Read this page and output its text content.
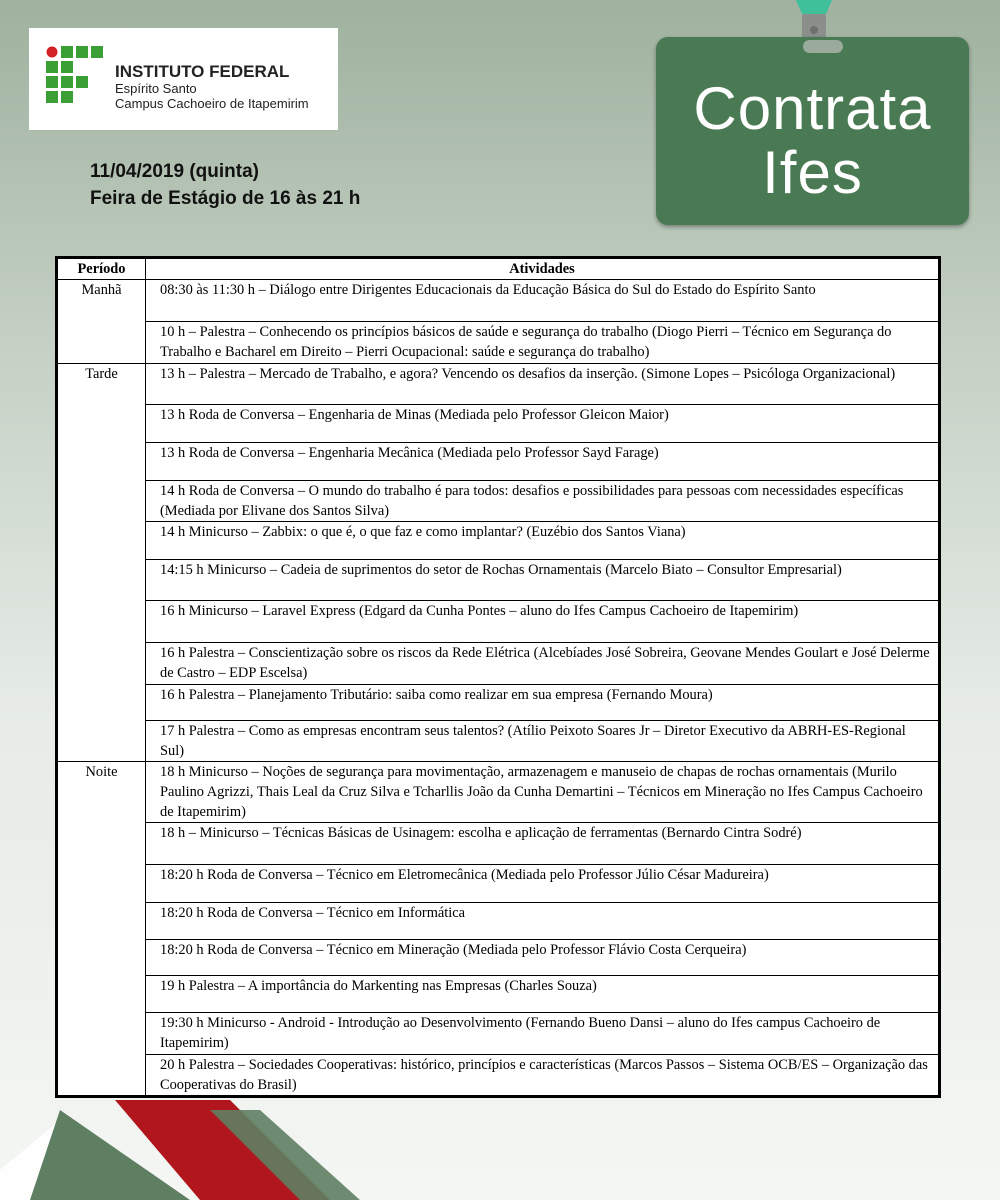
INSTITUTO FEDERAL
Espírito Santo
Campus Cachoeiro de Itapemirim
11/04/2019 (quinta)
Feira de Estágio de 16 às 21 h
Contrata
Ifes
Período	Atividades
Manhã	08:30 às 11:30 h – Diálogo entre Dirigentes Educacionais da Educação Básica do Sul do Estado do Espírito Santo
	10 h – Palestra – Conhecendo os princípios básicos de saúde e segurança do trabalho (Diogo Pierri – Técnico em Segurança do Trabalho e Bacharel em Direito – Pierri Ocupacional: saúde e segurança do trabalho)
Tarde	13 h – Palestra – Mercado de Trabalho, e agora? Vencendo os desafios da inserção. (Simone Lopes – Psicóloga Organizacional)
	13 h Roda de Conversa – Engenharia de Minas (Mediada pelo Professor Gleicon Maior)
	13 h Roda de Conversa – Engenharia Mecânica (Mediada pelo Professor Sayd Farage)
	14 h Roda de Conversa – O mundo do trabalho é para todos: desafios e possibilidades para pessoas com necessidades específicas (Mediada por Elivane dos Santos Silva)
	14 h Minicurso – Zabbix: o que é, o que faz e como implantar? (Euzébio dos Santos Viana)
	14:15 h Minicurso – Cadeia de suprimentos do setor de Rochas Ornamentais (Marcelo Biato – Consultor Empresarial)
	16 h Minicurso – Laravel Express (Edgard da Cunha Pontes – aluno do Ifes Campus Cachoeiro de Itapemirim)
	16 h Palestra – Conscientização sobre os riscos da Rede Elétrica (Alcebíades José Sobreira, Geovane Mendes Goulart e José Delerme de Castro – EDP Escelsa)
	16 h Palestra – Planejamento Tributário: saiba como realizar em sua empresa (Fernando Moura)
	17 h Palestra – Como as empresas encontram seus talentos? (Atílio Peixoto Soares Jr – Diretor Executivo da ABRH-ES-Regional Sul)
Noite	18 h Minicurso – Noções de segurança para movimentação, armazenagem e manuseio de chapas de rochas ornamentais (Murilo Paulino Agrizzi, Thais Leal da Cruz Silva e Tcharllis João da Cunha Demartini – Técnicos em Mineração no Ifes Campus Cachoeiro de Itapemirim)
	18 h – Minicurso – Técnicas Básicas de Usinagem: escolha e aplicação de ferramentas (Bernardo Cintra Sodré)
	18:20 h Roda de Conversa – Técnico em Eletromecânica (Mediada pelo Professor Júlio César Madureira)
	18:20 h Roda de Conversa – Técnico em Informática
	18:20 h Roda de Conversa – Técnico em Mineração (Mediada pelo Professor Flávio Costa Cerqueira)
	19 h Palestra – A importância do Markenting nas Empresas (Charles Souza)
	19:30 h Minicurso - Android - Introdução ao Desenvolvimento (Fernando Bueno Dansi – aluno do Ifes campus Cachoeiro de Itapemirim)
	20 h Palestra – Sociedades Cooperativas: histórico, princípios e características (Marcos Passos – Sistema OCB/ES – Organização das Cooperativas do Brasil)
